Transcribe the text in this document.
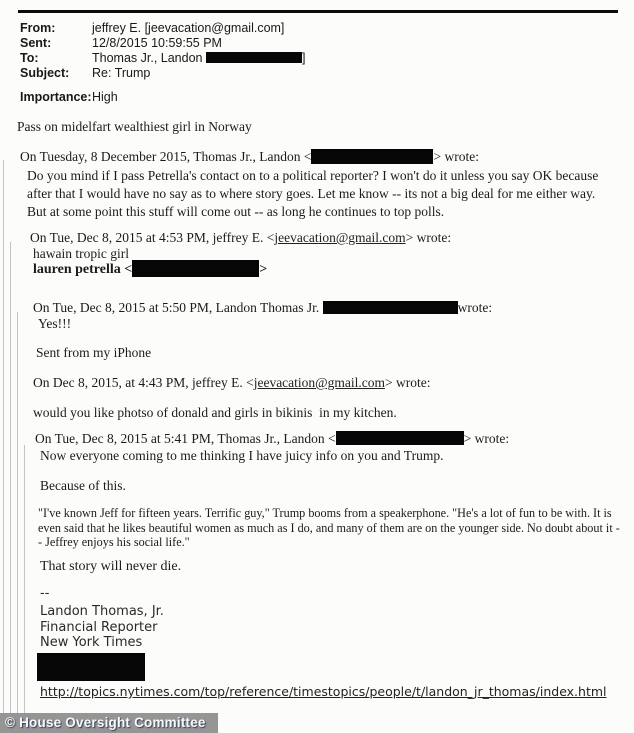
From:	jeffrey E. [jeevacation@gmail.com]
Sent:	12/8/2015 10:59:55 PM
To:	Thomas Jr., Landon	]
Subject: Re: Trump
Importance:High
Pass on midelfart wealthiest girl in Norway
On Tuesday, 8 December 2015, Thomas Jr., Landon <	> wrote:
Do you mind if I pass Petrella's contact on to a political reporter? I won't do it unless you say OK because after that I would have no say as to where story goes. Let me know -- its not a big deal for me either way. But at some point this stuff will come out -- as long he continues to top polls.
On Tue, Dec 8, 2015 at 4:53 PM, jeffrey E. <jeevacation@gmail.com> wrote:
hawain tropic girl
lauren petrella <	>
On Tue, Dec 8, 2015 at 5:50 PM, Landon Thomas Jr.	wrote:
Yes!!!
Sent from my iPhone
On Dec 8, 2015, at 4:43 PM, jeffrey E. <jeevacation@gmail.com> wrote:
would you like photso of donald and girls in bikinis  in my kitchen.
On Tue, Dec 8, 2015 at 5:41 PM, Thomas Jr., Landon <	> wrote:
Now everyone coming to me thinking I have juicy info on you and Trump.
Because of this.
"I've known Jeff for fifteen years. Terrific guy," Trump booms from a speakerphone. "He's a lot of fun to be with. It is even said that he likes beautiful women as much as I do, and many of them are on the younger side. No doubt about it -- Jeffrey enjoys his social life."
That story will never die.
--
Landon Thomas, Jr.
Financial Reporter
New York Times
http://topics.nytimes.com/top/reference/timestopics/people/t/landon_jr_thomas/index.html
© House Oversight Committee
